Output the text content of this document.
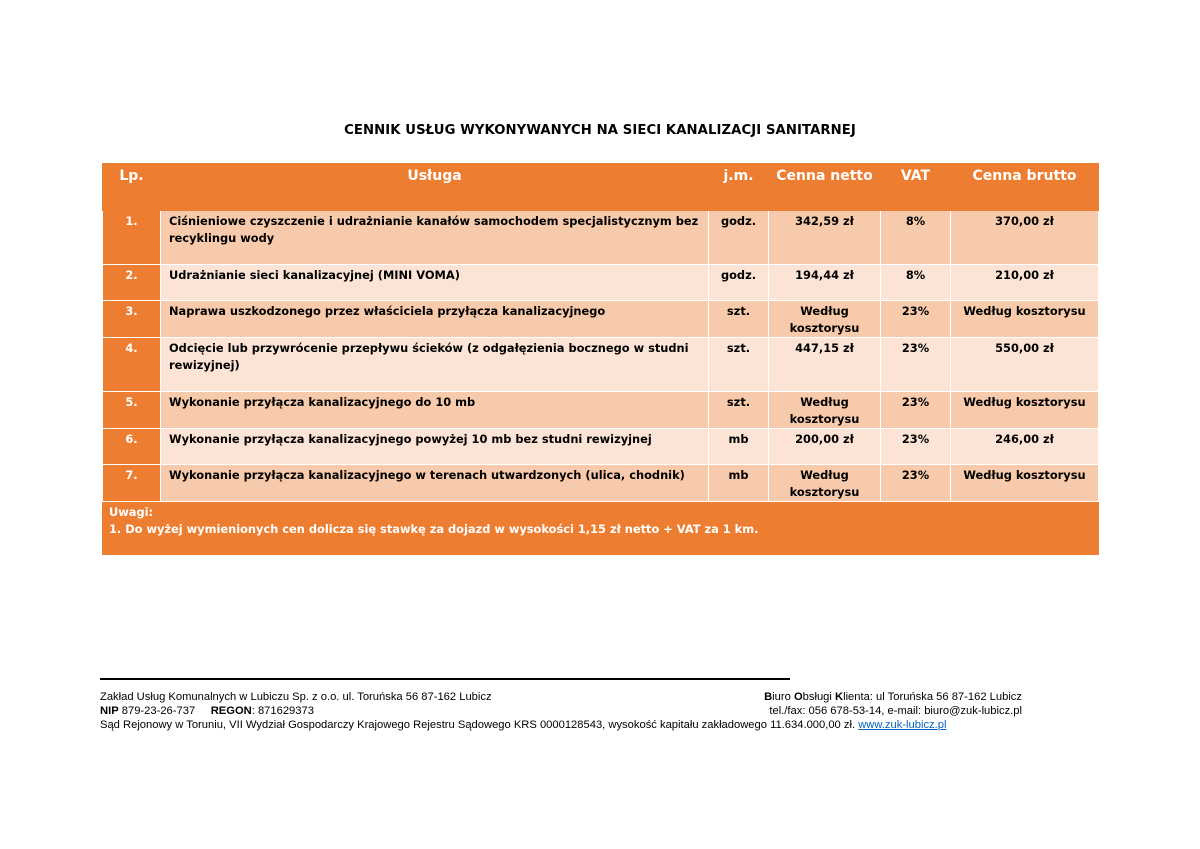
CENNIK USŁUG WYKONYWANYCH NA SIECI KANALIZACJI SANITARNEJ
Lp.	Usługa	j.m.	Cenna netto	VAT	Cenna brutto
1.	Ciśnieniowe czyszczenie i udrażnianie kanałów samochodem specjalistycznym bez recyklingu wody	godz.	342,59 zł	8%	370,00 zł
2.	Udrażnianie sieci kanalizacyjnej (MINI VOMA)	godz.	194,44 zł	8%	210,00 zł
3.	Naprawa uszkodzonego przez właściciela przyłącza kanalizacyjnego	szt.	Według kosztorysu	23%	Według kosztorysu
4.	Odcięcie lub przywrócenie przepływu ścieków (z odgałęzienia bocznego w studni rewizyjnej)	szt.	447,15 zł	23%	550,00 zł
5.	Wykonanie przyłącza kanalizacyjnego do 10 mb	szt.	Według kosztorysu	23%	Według kosztorysu
6.	Wykonanie przyłącza kanalizacyjnego powyżej 10 mb bez studni rewizyjnej	mb	200,00 zł	23%	246,00 zł
7.	Wykonanie przyłącza kanalizacyjnego w terenach utwardzonych (ulica, chodnik)	mb	Według kosztorysu	23%	Według kosztorysu

Uwagi:
1. Do wyżej wymienionych cen dolicza się stawkę za dojazd w wysokości 1,15 zł netto + VAT za 1 km.					
Zakład Usług Komunalnych w Lubiczu Sp. z o.o. ul. Toruńska 56 87-162 Lubicz	Biuro Obsługi Klienta: ul Toruńska 56 87-162 Lubicz
NIP 879-23-26-737     REGON: 871629373	tel./fax: 056 678-53-14, e-mail: biuro@zuk-lubicz.pl
Sąd Rejonowy w Toruniu, VII Wydział Gospodarczy Krajowego Rejestru Sądowego KRS 0000128543, wysokość kapitału zakładowego 11.634.000,00 zł. www.zuk-lubicz.pl
